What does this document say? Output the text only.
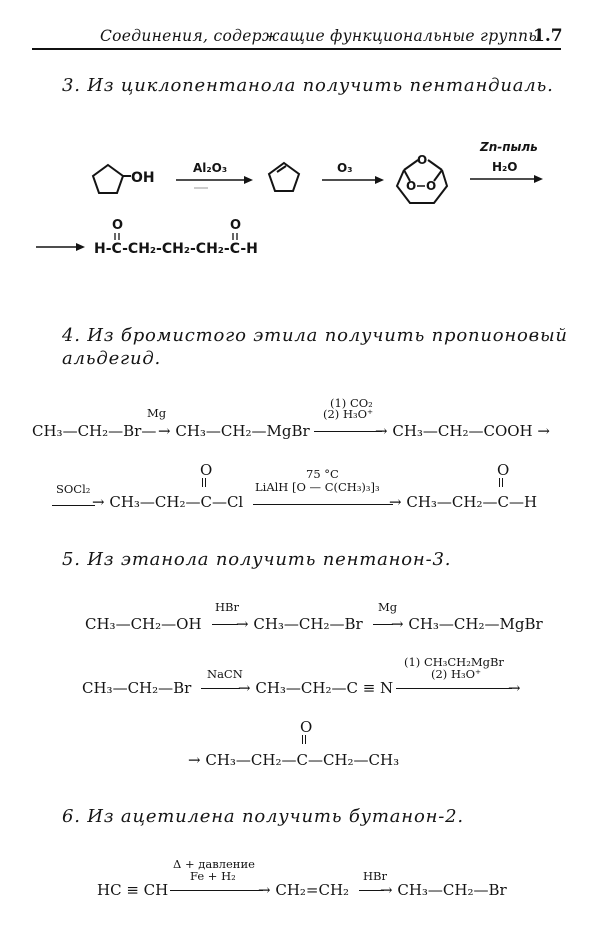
Соединения, содержащие функциональные группы
1.7
3. Из циклопентанола получить пентандиаль.
OH
Al₂O₃	O₃
O
O O
Zn-пыль
H₂O
O	O
H-C-CH₂-CH₂-CH₂-C-H
4. Из бромистого этила получить пропионовый альдегид.
CH₃—CH₂—Br—
Mg
→ CH₃—CH₂—MgBr
(1) CO₂
(2) H₃O⁺
→ CH₃—CH₂—COOH →
SOCl₂
→ CH₃—CH₂—C—Cl
O	75 °C
LiAlH [O — C(CH₃)₃]₃
→ CH₃—CH₂—C—H
O
5. Из этанола получить пентанон-3.
CH₃—CH₂—OH
HBr
→ CH₃—CH₂—Br
Mg
→ CH₃—CH₂—MgBr
CH₃—CH₂—Br
NaCN
→ CH₃—CH₂—C ≡ N
(1) CH₃CH₂MgBr
(2) H₃O⁺
→
O
→ CH₃—CH₂—C—CH₂—CH₃
6. Из ацетилена получить бутанон-2.
HC ≡ CH
Δ + давление
Fe + H₂
→ CH₂=CH₂
HBr
→ CH₃—CH₂—Br
